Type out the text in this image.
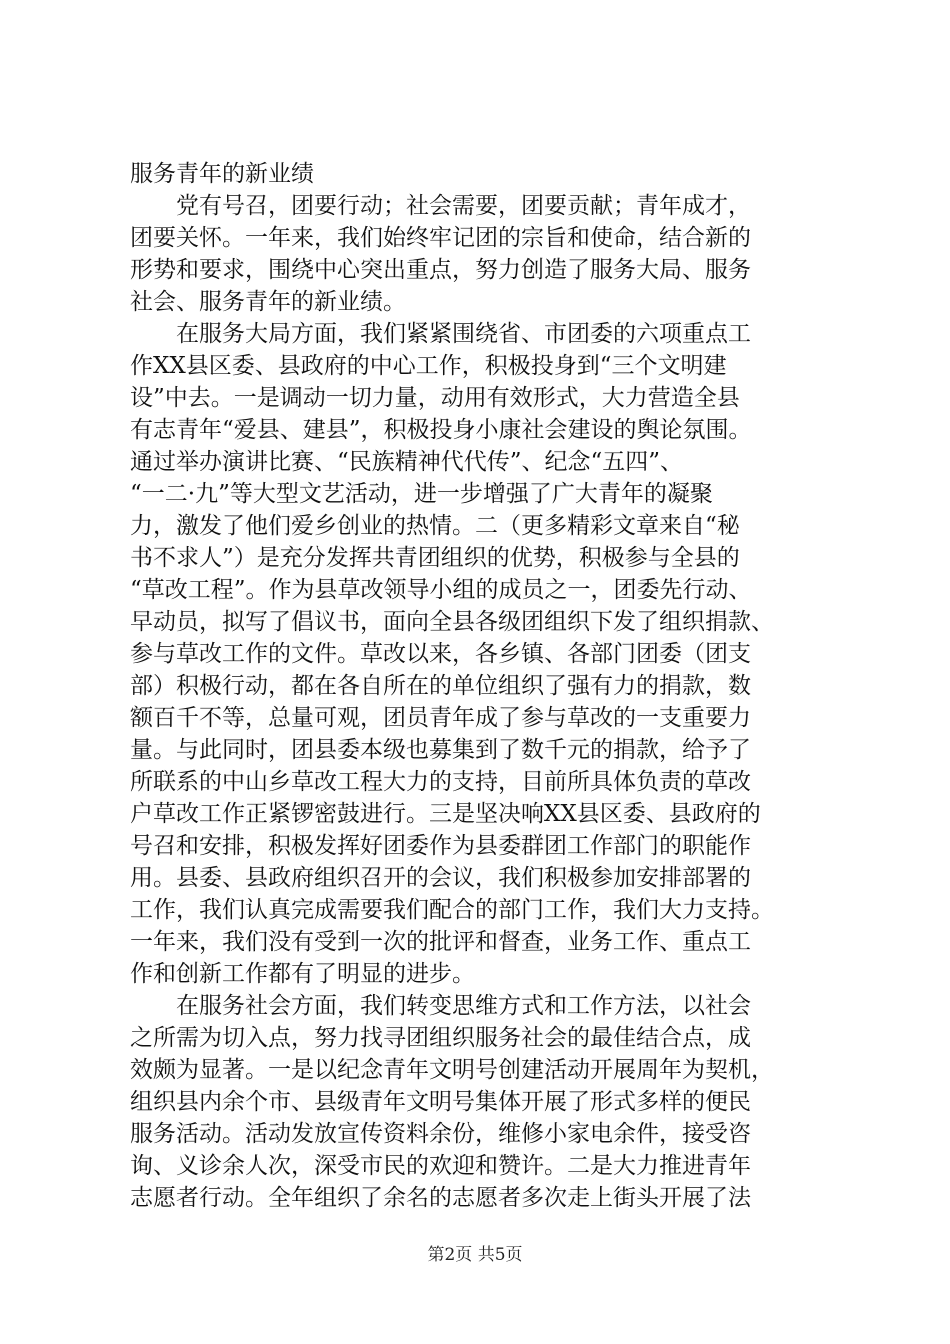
服务青年的新业绩
　　党有号召，团要行动；社会需要，团要贡献；青年成才，
团要关怀。一年来，我们始终牢记团的宗旨和使命，结合新的
形势和要求，围绕中心突出重点，努力创造了服务大局、服务
社会、服务青年的新业绩。
　　在服务大局方面，我们紧紧围绕省、市团委的六项重点工
作XX县区委、县政府的中心工作，积极投身到“三个文明建
设”中去。一是调动一切力量，动用有效形式，大力营造全县
有志青年“爱县、建县”，积极投身小康社会建设的舆论氛围。
通过举办演讲比赛、“民族精神代代传”、纪念“五四”、
“一二·九”等大型文艺活动，进一步增强了广大青年的凝聚
力，激发了他们爱乡创业的热情。二（更多精彩文章来自“秘
书不求人”）是充分发挥共青团组织的优势，积极参与全县的
“草改工程”。作为县草改领导小组的成员之一，团委先行动、
早动员，拟写了倡议书，面向全县各级团组织下发了组织捐款、
参与草改工作的文件。草改以来，各乡镇、各部门团委（团支
部）积极行动，都在各自所在的单位组织了强有力的捐款，数
额百千不等，总量可观，团员青年成了参与草改的一支重要力
量。与此同时，团县委本级也募集到了数千元的捐款，给予了
所联系的中山乡草改工程大力的支持，目前所具体负责的草改
户草改工作正紧锣密鼓进行。三是坚决响XX县区委、县政府的
号召和安排，积极发挥好团委作为县委群团工作部门的职能作
用。县委、县政府组织召开的会议，我们积极参加安排部署的
工作，我们认真完成需要我们配合的部门工作，我们大力支持。
一年来，我们没有受到一次的批评和督查，业务工作、重点工
作和创新工作都有了明显的进步。
　　在服务社会方面，我们转变思维方式和工作方法，以社会
之所需为切入点，努力找寻团组织服务社会的最佳结合点，成
效颇为显著。一是以纪念青年文明号创建活动开展周年为契机，
组织县内余个市、县级青年文明号集体开展了形式多样的便民
服务活动。活动发放宣传资料余份，维修小家电余件，接受咨
询、义诊余人次，深受市民的欢迎和赞许。二是大力推进青年
志愿者行动。全年组织了余名的志愿者多次走上街头开展了法
第2页 共5页
